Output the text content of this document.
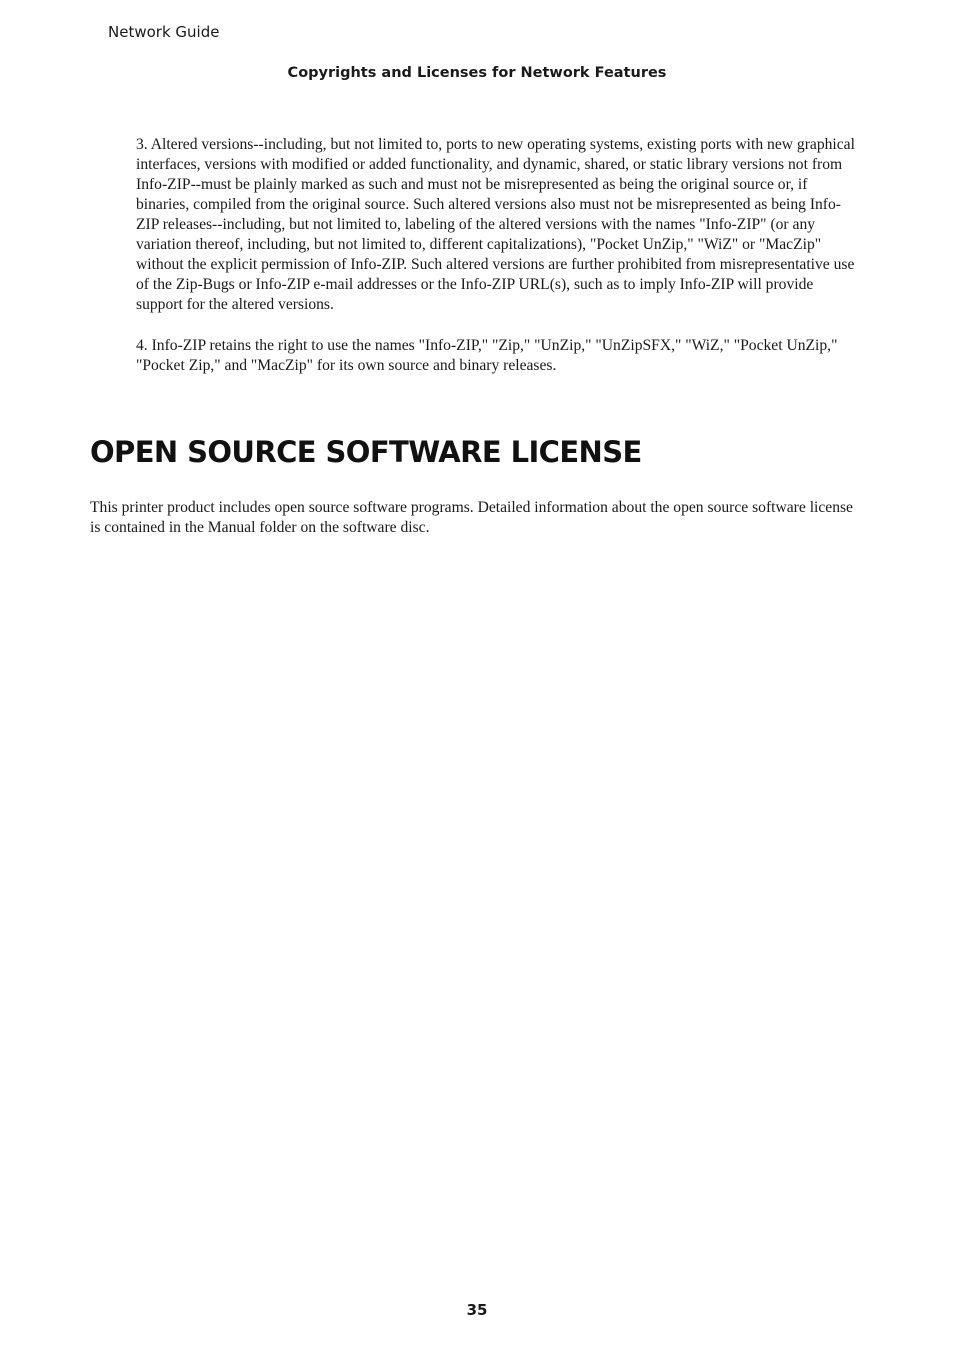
Network Guide
Copyrights and Licenses for Network Features

3. Altered versions--including, but not limited to, ports to new operating systems, existing ports with new graphical interfaces, versions with modified or added functionality, and dynamic, shared, or static library versions not from Info-ZIP--must be plainly marked as such and must not be misrepresented as being the original source or, if binaries, compiled from the original source. Such altered versions also must not be misrepresented as being Info-ZIP releases--including, but not limited to, labeling of the altered versions with the names "Info-ZIP" (or any variation thereof, including, but not limited to, different capitalizations), "Pocket UnZip," "WiZ" or "MacZip" without the explicit permission of Info-ZIP. Such altered versions are further prohibited from misrepresentative use of the Zip-Bugs or Info-ZIP e-mail addresses or the Info-ZIP URL(s), such as to imply Info-ZIP will provide support for the altered versions.

4. Info-ZIP retains the right to use the names "Info-ZIP," "Zip," "UnZip," "UnZipSFX," "WiZ," "Pocket UnZip," "Pocket Zip," and "MacZip" for its own source and binary releases.

OPEN SOURCE SOFTWARE LICENSE

This printer product includes open source software programs. Detailed information about the open source software license is contained in the Manual folder on the software disc.

35
